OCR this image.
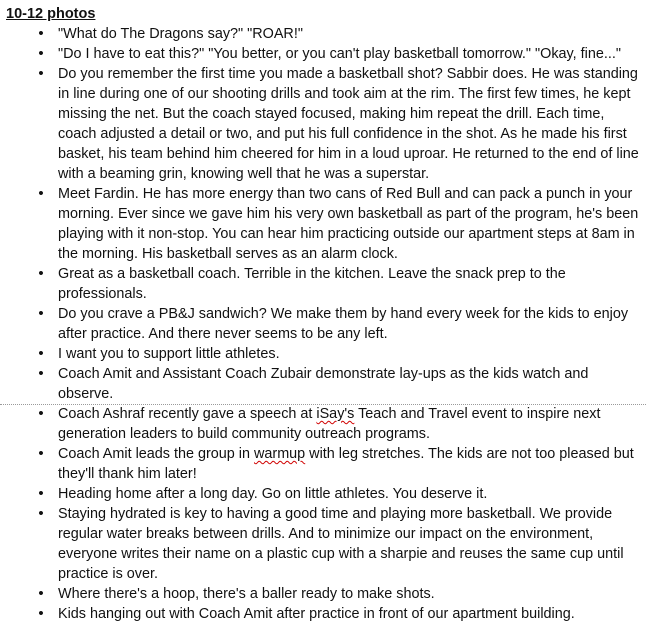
10-12 photos
• "What do The Dragons say?" "ROAR!"
• "Do I have to eat this?" "You better, or you can't play basketball tomorrow." "Okay, fine..."
• Do you remember the first time you made a basketball shot? Sabbir does. He was standing in line during one of our shooting drills and took aim at the rim. The first few times, he kept missing the net. But the coach stayed focused, making him repeat the drill. Each time, coach adjusted a detail or two, and put his full confidence in the shot. As he made his first basket, his team behind him cheered for him in a loud uproar. He returned to the end of line with a beaming grin, knowing well that he was a superstar.
• Meet Fardin. He has more energy than two cans of Red Bull and can pack a punch in your morning. Ever since we gave him his very own basketball as part of the program, he's been playing with it non-stop. You can hear him practicing outside our apartment steps at 8am in the morning. His basketball serves as an alarm clock.
• Great as a basketball coach. Terrible in the kitchen. Leave the snack prep to the professionals.
• Do you crave a PB&J sandwich? We make them by hand every week for the kids to enjoy after practice. And there never seems to be any left.
• I want you to support little athletes.
• Coach Amit and Assistant Coach Zubair demonstrate lay-ups as the kids watch and observe.
• Coach Ashraf recently gave a speech at iSay's Teach and Travel event to inspire next generation leaders to build community outreach programs.
• Coach Amit leads the group in warmup with leg stretches. The kids are not too pleased but they'll thank him later!
• Heading home after a long day. Go on little athletes. You deserve it.
• Staying hydrated is key to having a good time and playing more basketball. We provide regular water breaks between drills. And to minimize our impact on the environment, everyone writes their name on a plastic cup with a sharpie and reuses the same cup until practice is over.
• Where there's a hoop, there's a baller ready to make shots.
• Kids hanging out with Coach Amit after practice in front of our apartment building.
